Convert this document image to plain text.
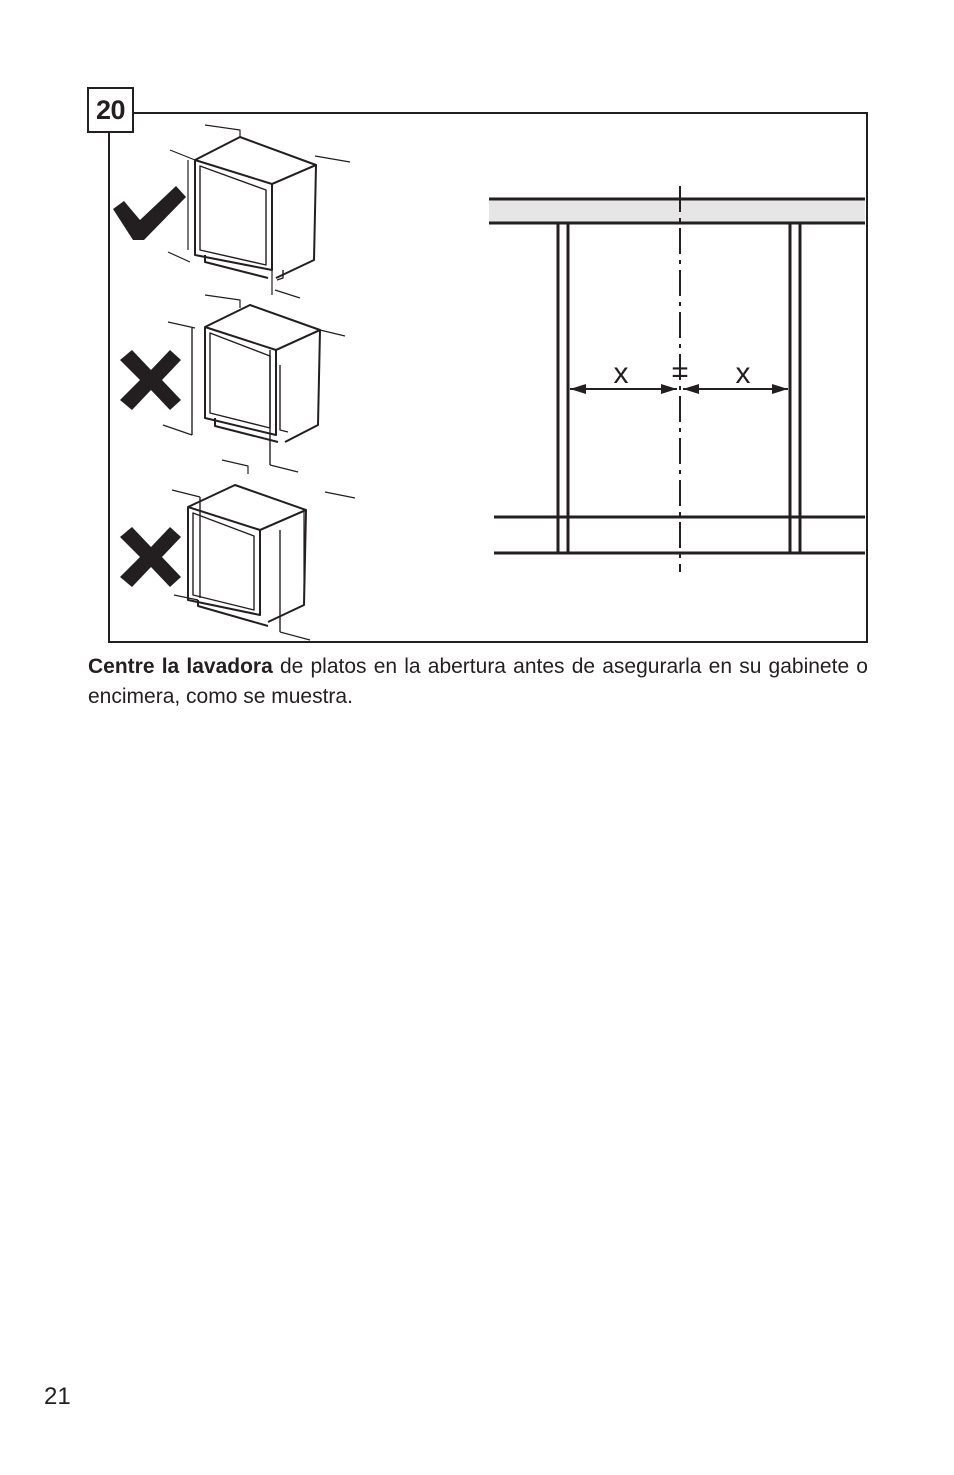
20
x = x
Centre la lavadora de platos en la abertura antes de asegurarla en su gabinete o encimera, como se muestra.
21
